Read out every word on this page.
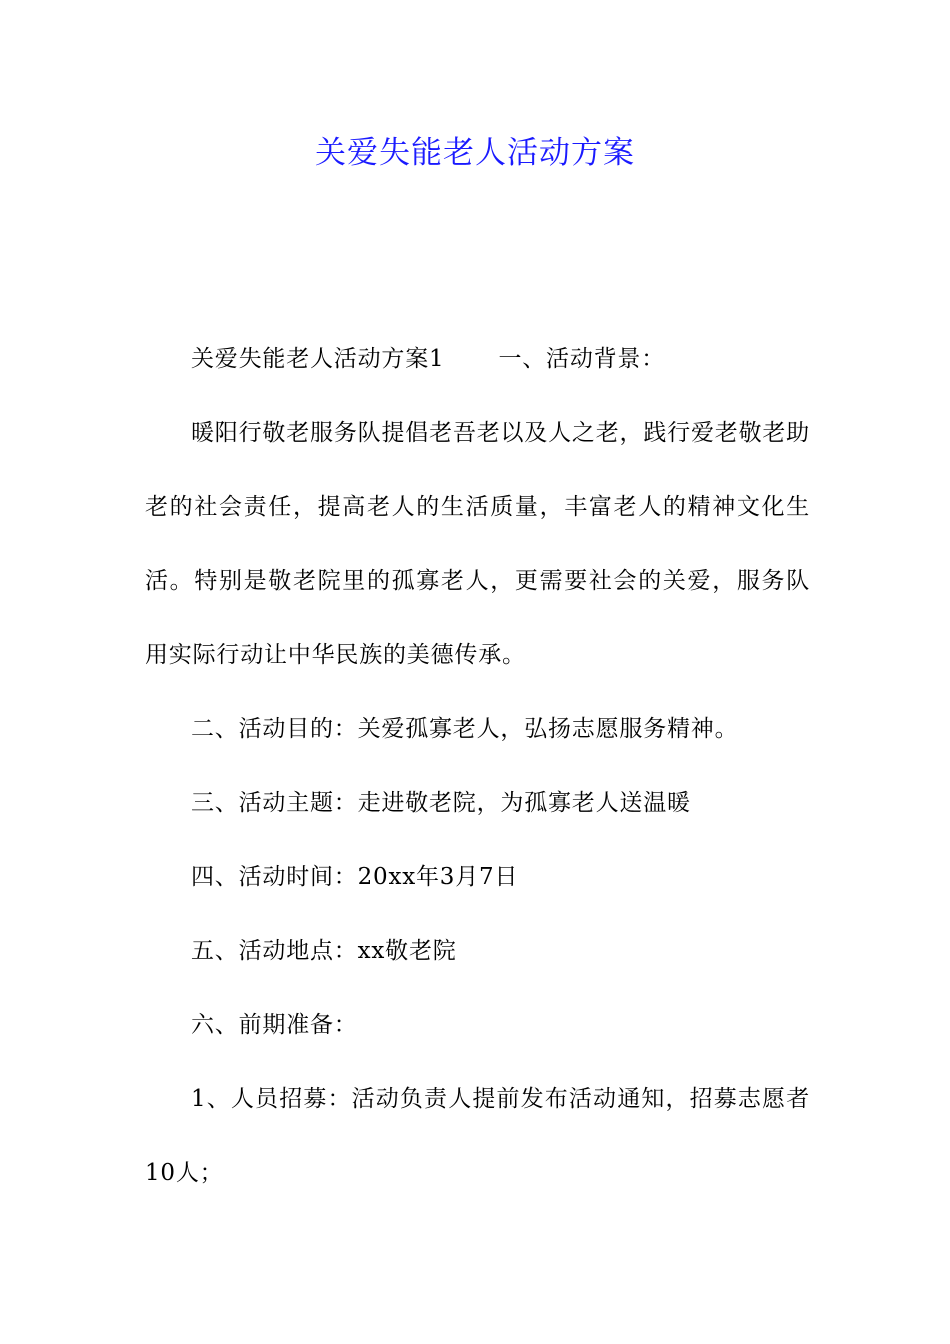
关爱失能老人活动方案

关爱失能老人活动方案1 一、活动背景：

暖阳行敬老服务队提倡老吾老以及人之老，践行爱老敬老助老的社会责任，提高老人的生活质量，丰富老人的精神文化生活。特别是敬老院里的孤寡老人，更需要社会的关爱，服务队用实际行动让中华民族的美德传承。

二、活动目的：关爱孤寡老人，弘扬志愿服务精神。

三、活动主题：走进敬老院，为孤寡老人送温暖

四、活动时间：20xx年3月7日

五、活动地点：xx敬老院

六、前期准备：

1、人员招募：活动负责人提前发布活动通知，招募志愿者10人；
